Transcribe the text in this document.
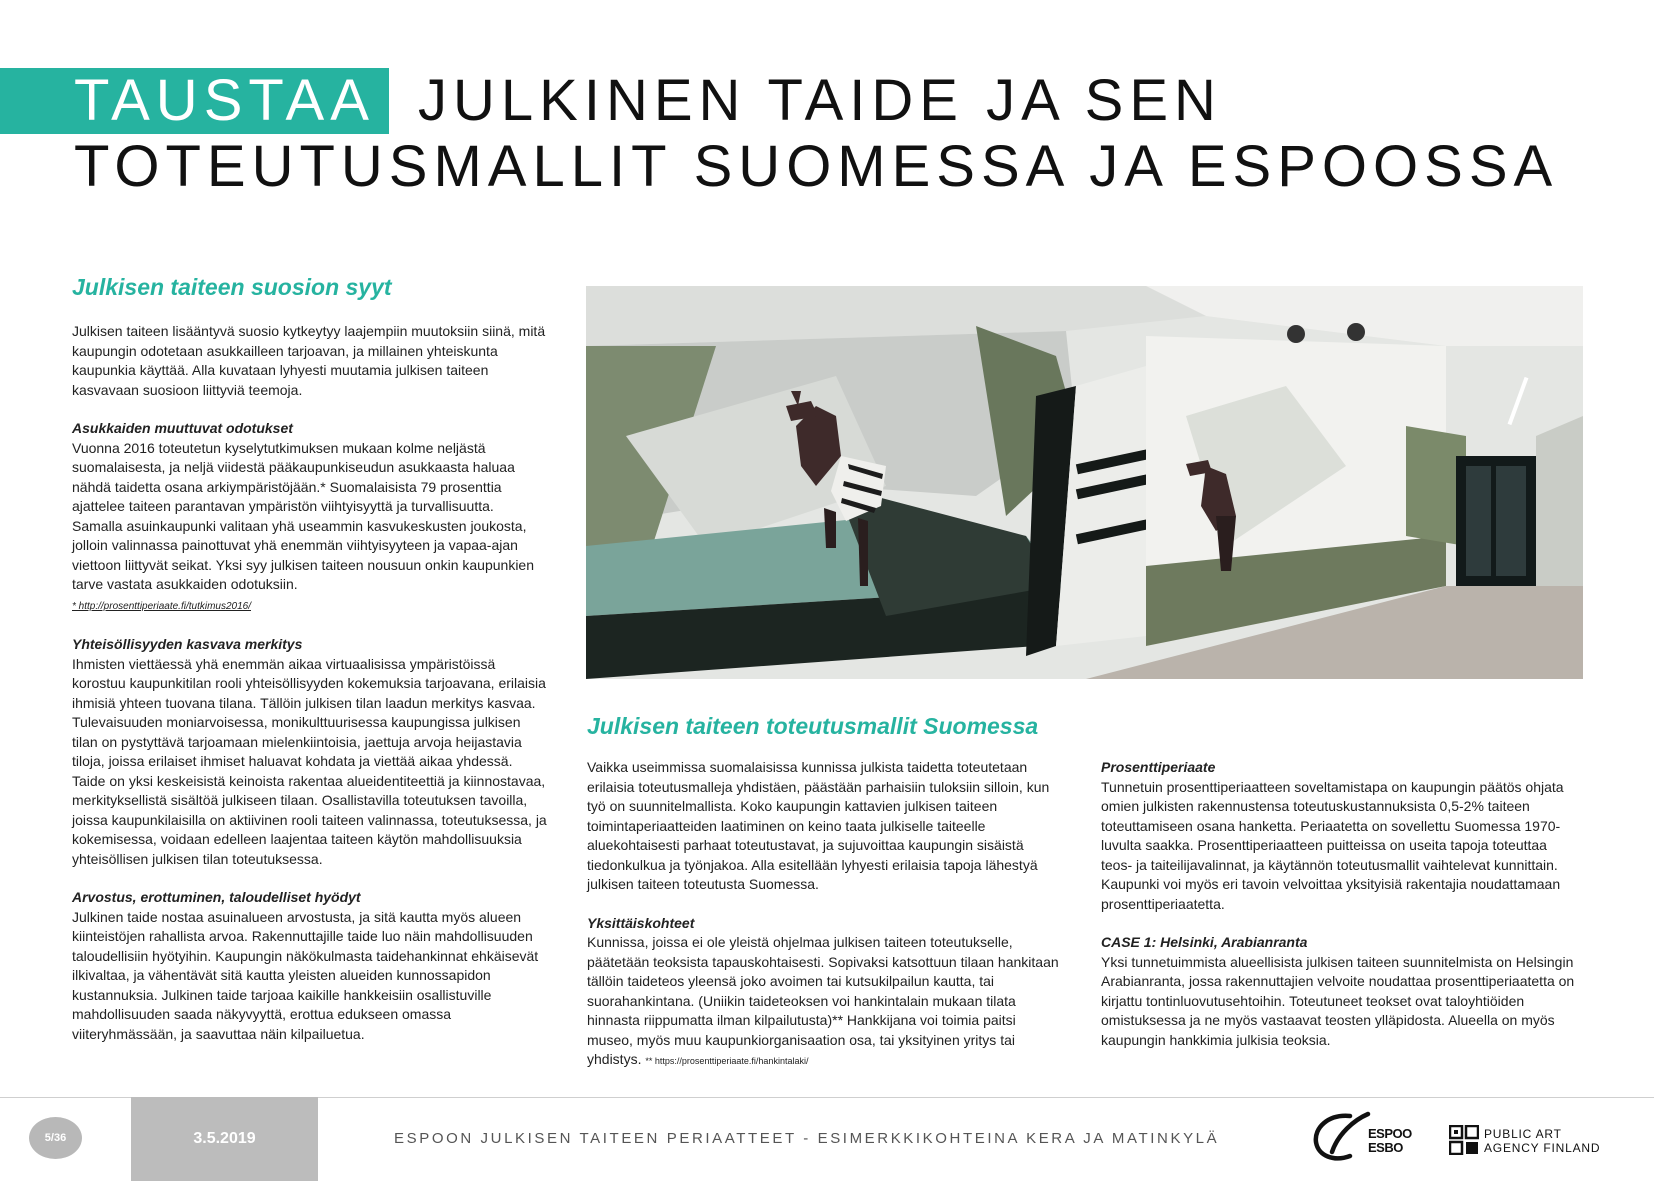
TAUSTAA JULKINEN TAIDE JA SEN
TOTEUTUSMALLIT SUOMESSA JA ESPOOSSA
Julkisen taiteen suosion syyt

Julkisen taiteen lisääntyvä suosio kytkeytyy laajempiin muutoksiin siinä, mitä kaupungin odotetaan asukkailleen tarjoavan, ja millainen yhteiskunta kaupunkia käyttää. Alla kuvataan lyhyesti muutamia julkisen taiteen kasvavaan suosioon liittyviä teemoja.

Asukkaiden muuttuvat odotukset

Vuonna 2016 toteutetun kyselytutkimuksen mukaan kolme neljästä suomalaisesta, ja neljä viidestä pääkaupunkiseudun asukkaasta haluaa nähdä taidetta osana arkiympäristöjään.* Suomalaisista 79 prosenttia ajattelee taiteen parantavan ympäristön viihtyisyyttä ja turvallisuutta. Samalla asuinkaupunki valitaan yhä useammin kasvukeskusten joukosta, jolloin valinnassa painottuvat yhä enemmän viihtyisyyteen ja vapaa-ajan viettoon liittyvät seikat. Yksi syy julkisen taiteen nousuun onkin kaupunkien tarve vastata asukkaiden odotuksiin.

* http://prosenttiperiaate.fi/tutkimus2016/
Yhteisöllisyyden kasvava merkitys

Ihmisten viettäessä yhä enemmän aikaa virtuaalisissa ympäristöissä korostuu kaupunkitilan rooli yhteisöllisyyden kokemuksia tarjoavana, erilaisia ihmisiä yhteen tuovana tilana. Tällöin julkisen tilan laadun merkitys kasvaa. Tulevaisuuden moniarvoisessa, monikulttuurisessa kaupungissa julkisen tilan on pystyttävä tarjoamaan mielenkiintoisia, jaettuja arvoja heijastavia tiloja, joissa erilaiset ihmiset haluavat kohdata ja viettää aikaa yhdessä. Taide on yksi keskeisistä keinoista rakentaa alueidentiteettiä ja kiinnostavaa, merkityksellistä sisältöä julkiseen tilaan. Osallistavilla toteutuksen tavoilla, joissa kaupunkilaisilla on aktiivinen rooli taiteen valinnassa, toteutuksessa, ja kokemisessa, voidaan edelleen laajentaa taiteen käytön mahdollisuuksia yhteisöllisen julkisen tilan toteutuksessa.

Arvostus, erottuminen, taloudelliset hyödyt

Julkinen taide nostaa asuinalueen arvostusta, ja sitä kautta myös alueen kiinteistöjen rahallista arvoa. Rakennuttajille taide luo näin mahdollisuuden taloudellisiin hyötyihin. Kaupungin näkökulmasta taidehankinnat ehkäisevät ilkivaltaa, ja vähentävät sitä kautta yleisten alueiden kunnossapidon kustannuksia. Julkinen taide tarjoaa kaikille hankkeisiin osallistuville mahdollisuuden saada näkyvyyttä, erottua edukseen omassa viiteryhmässään, ja saavuttaa näin kilpailuetua.

Julkisen taiteen toteutusmallit Suomessa

Vaikka useimmissa suomalaisissa kunnissa julkista taidetta toteutetaan erilaisia toteutusmalleja yhdistäen, päästään parhaisiin tuloksiin silloin, kun työ on suunnitelmallista. Koko kaupungin kattavien julkisen taiteen toimintaperiaatteiden laatiminen on keino taata julkiselle taiteelle aluekohtaisesti parhaat toteutustavat, ja sujuvoittaa kaupungin sisäistä tiedonkulkua ja työnjakoa. Alla esitellään lyhyesti erilaisia tapoja lähestyä julkisen taiteen toteutusta Suomessa.

Yksittäiskohteet

Kunnissa, joissa ei ole yleistä ohjelmaa julkisen taiteen toteutukselle, päätetään teoksista tapauskohtaisesti. Sopivaksi katsottuun tilaan hankitaan tällöin taideteos yleensä joko avoimen tai kutsukilpailun kautta, tai suorahankintana. (Uniikin taideteoksen voi hankintalain mukaan tilata hinnasta riippumatta ilman kilpailutusta)** Hankkijana voi toimia paitsi museo, myös muu kaupunkiorganisaation osa, tai yksityinen yritys tai yhdistys. ** https://prosenttiperiaate.fi/hankintalaki/

Prosenttiperiaate

Tunnetuin prosenttiperiaatteen soveltamistapa on kaupungin päätös ohjata omien julkisten rakennustensa toteutuskustannuksista 0,5-2% taiteen toteuttamiseen osana hanketta. Periaatetta on sovellettu Suomessa 1970-luvulta saakka. Prosenttiperiaatteen puitteissa on useita tapoja toteuttaa teos- ja taiteilijavalinnat, ja käytännön toteutusmallit vaihtelevat kunnittain. Kaupunki voi myös eri tavoin velvoittaa yksityisiä rakentajia noudattamaan prosenttiperiaatetta.

CASE 1: Helsinki, Arabianranta

Yksi tunnetuimmista alueellisista julkisen taiteen suunnitelmista on Helsingin Arabianranta, jossa rakennuttajien velvoite noudattaa prosenttiperiaatetta on kirjattu tontinluovutusehtoihin. Toteutuneet teokset ovat taloyhtiöiden omistuksessa ja ne myös vastaavat teosten ylläpidosta. Alueella on myös kaupungin hankkimia julkisia teoksia.

5/36	3.5.2019	ESPOON JULKISEN TAITEEN PERIAATTEET - ESIMERKKIKOHTEINA KERA JA MATINKYLÄ	ESPOO
ESBO
PUBLIC ART
AGENCY FINLAND
